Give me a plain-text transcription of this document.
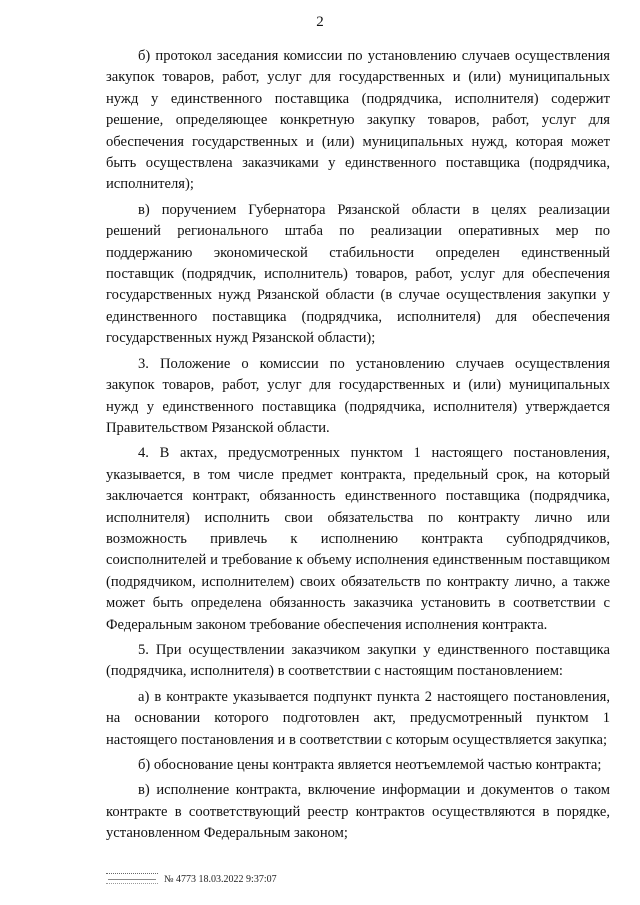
2

б) протокол заседания комиссии по установлению случаев осуществления закупок товаров, работ, услуг для государственных и (или) муниципальных нужд у единственного поставщика (подрядчика, исполнителя) содержит решение, определяющее конкретную закупку товаров, работ, услуг для обеспечения государственных и (или) муниципальных нужд, которая может быть осуществлена заказчиками у единственного поставщика (подрядчика, исполнителя);

в) поручением Губернатора Рязанской области в целях реализации решений регионального штаба по реализации оперативных мер по поддержанию экономической стабильности определен единственный поставщик (подрядчик, исполнитель) товаров, работ, услуг для обеспечения государственных нужд Рязанской области (в случае осуществления закупки у единственного поставщика (подрядчика, исполнителя) для обеспечения государственных нужд Рязанской области);

3. Положение о комиссии по установлению случаев осуществления закупок товаров, работ, услуг для государственных и (или) муниципальных нужд у единственного поставщика (подрядчика, исполнителя) утверждается Правительством Рязанской области.

4. В актах, предусмотренных пунктом 1 настоящего постановления, указывается, в том числе предмет контракта, предельный срок, на который заключается контракт, обязанность единственного поставщика (подрядчика, исполнителя) исполнить свои обязательства по контракту лично или возможность привлечь к исполнению контракта субподрядчиков, соисполнителей и требование к объему исполнения единственным поставщиком (подрядчиком, исполнителем) своих обязательств по контракту лично, а также может быть определена обязанность заказчика установить в соответствии с Федеральным законом требование обеспечения исполнения контракта.

5. При осуществлении заказчиком закупки у единственного поставщика (подрядчика, исполнителя) в соответствии с настоящим постановлением:

а) в контракте указывается подпункт пункта 2 настоящего постановления, на основании которого подготовлен акт, предусмотренный пунктом 1 настоящего постановления и в соответствии с которым осуществляется закупка;

б) обоснование цены контракта является неотъемлемой частью контракта;

в) исполнение контракта, включение информации и документов о таком контракте в соответствующий реестр контрактов осуществляются в порядке, установленном Федеральным законом;

№ 4773 18.03.2022 9:37:07
